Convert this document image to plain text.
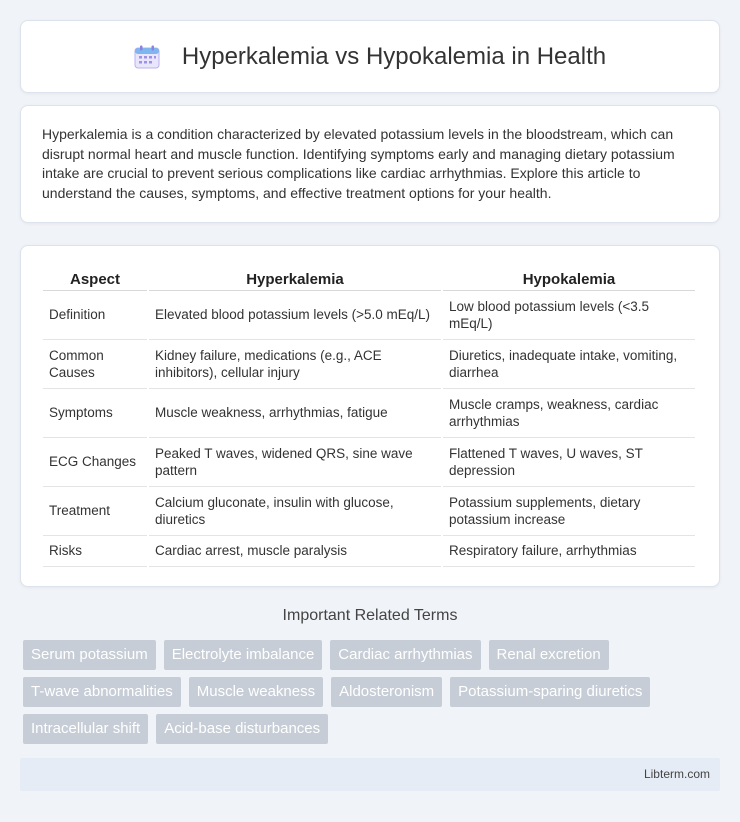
Hyperkalemia vs Hypokalemia in Health

Hyperkalemia is a condition characterized by elevated potassium levels in the bloodstream, which can disrupt normal heart and muscle function. Identifying symptoms early and managing dietary potassium intake are crucial to prevent serious complications like cardiac arrhythmias. Explore this article to understand the causes, symptoms, and effective treatment options for your health.

Aspect	Hyperkalemia	Hypokalemia
Definition	Elevated blood potassium levels (>5.0 mEq/L)	Low blood potassium levels (<3.5 mEq/L)
Common Causes	Kidney failure, medications (e.g., ACE inhibitors), cellular injury	Diuretics, inadequate intake, vomiting, diarrhea
Symptoms	Muscle weakness, arrhythmias, fatigue	Muscle cramps, weakness, cardiac arrhythmias
ECG Changes	Peaked T waves, widened QRS, sine wave pattern	Flattened T waves, U waves, ST depression
Treatment	Calcium gluconate, insulin with glucose, diuretics	Potassium supplements, dietary potassium increase
Risks	Cardiac arrest, muscle paralysis	Respiratory failure, arrhythmias
Important Related Terms
Serum potassium	Electrolyte imbalance	Cardiac arrhythmias	Renal excretion
T-wave abnormalities	Muscle weakness	Aldosteronism	Potassium-sparing diuretics
Intracellular shift	Acid-base disturbances
Libterm.com
